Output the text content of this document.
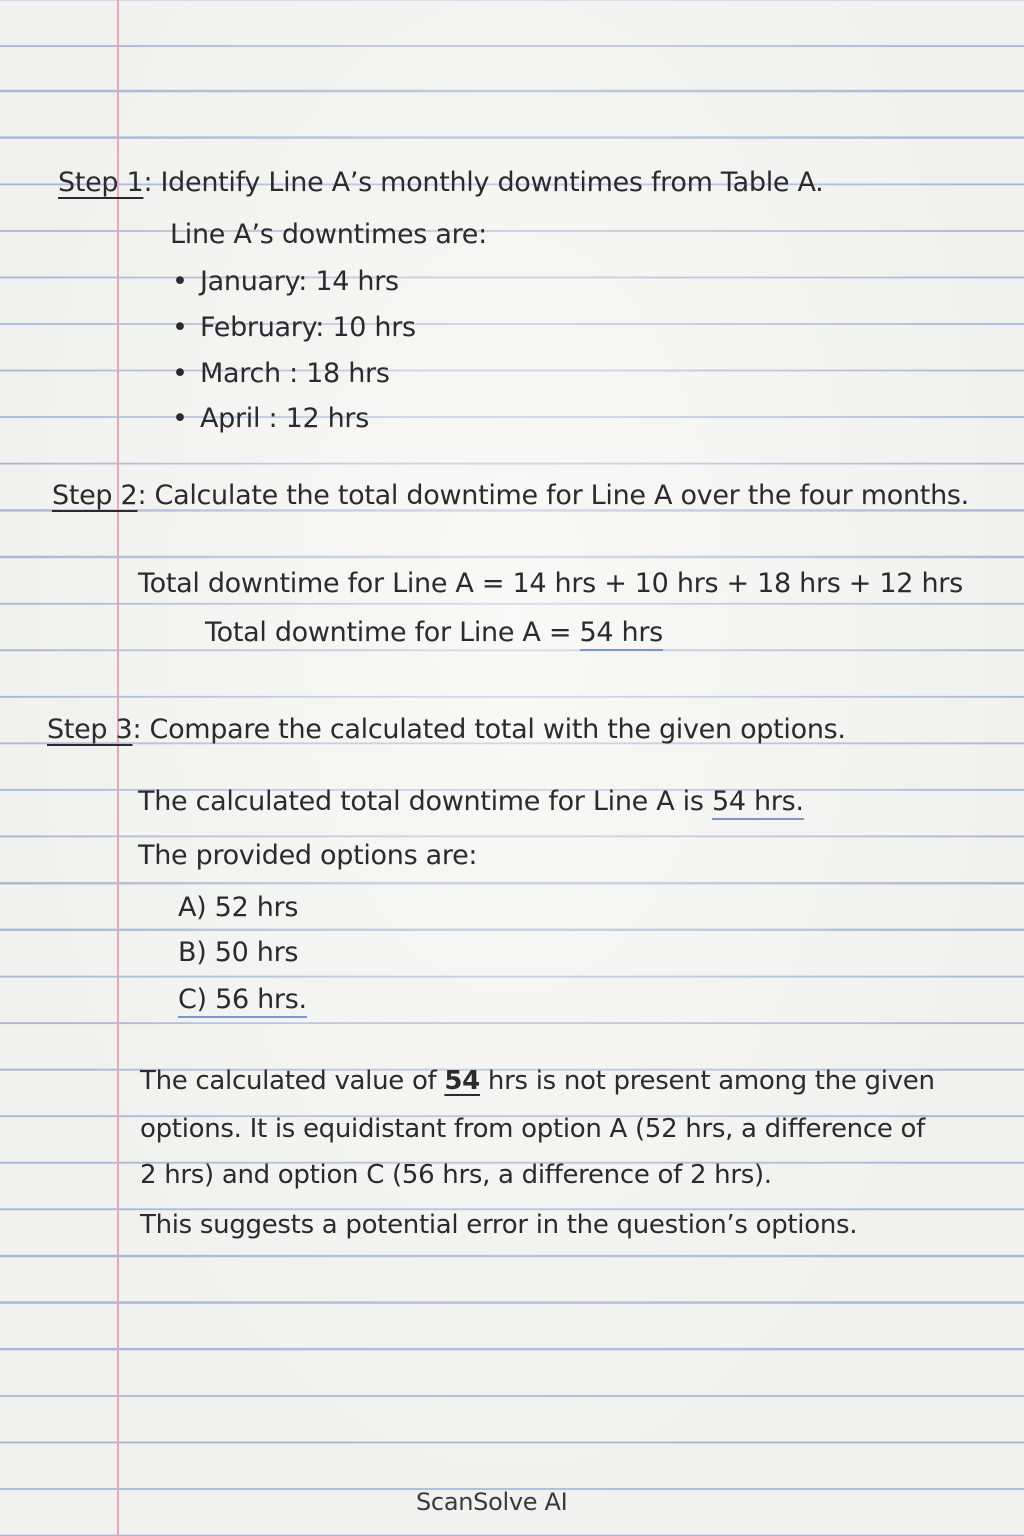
Step 1: Identify Line A’s monthly downtimes from Table A.
Line A’s downtimes are:
• January: 14 hrs
• February: 10 hrs
• March : 18 hrs
• April : 12 hrs
Step 2: Calculate the total downtime for Line A over the four months.
Total downtime for Line A = 14 hrs + 10 hrs + 18 hrs + 12 hrs
Total downtime for Line A = 54 hrs
Step 3: Compare the calculated total with the given options.
The calculated total downtime for Line A is 54 hrs.
The provided options are:
A) 52 hrs
B) 50 hrs
C) 56 hrs.
The calculated value of 54 hrs is not present among the given
options. It is equidistant from option A (52 hrs, a difference of
2 hrs) and option C (56 hrs, a difference of 2 hrs).
This suggests a potential error in the question’s options.
ScanSolve AI
